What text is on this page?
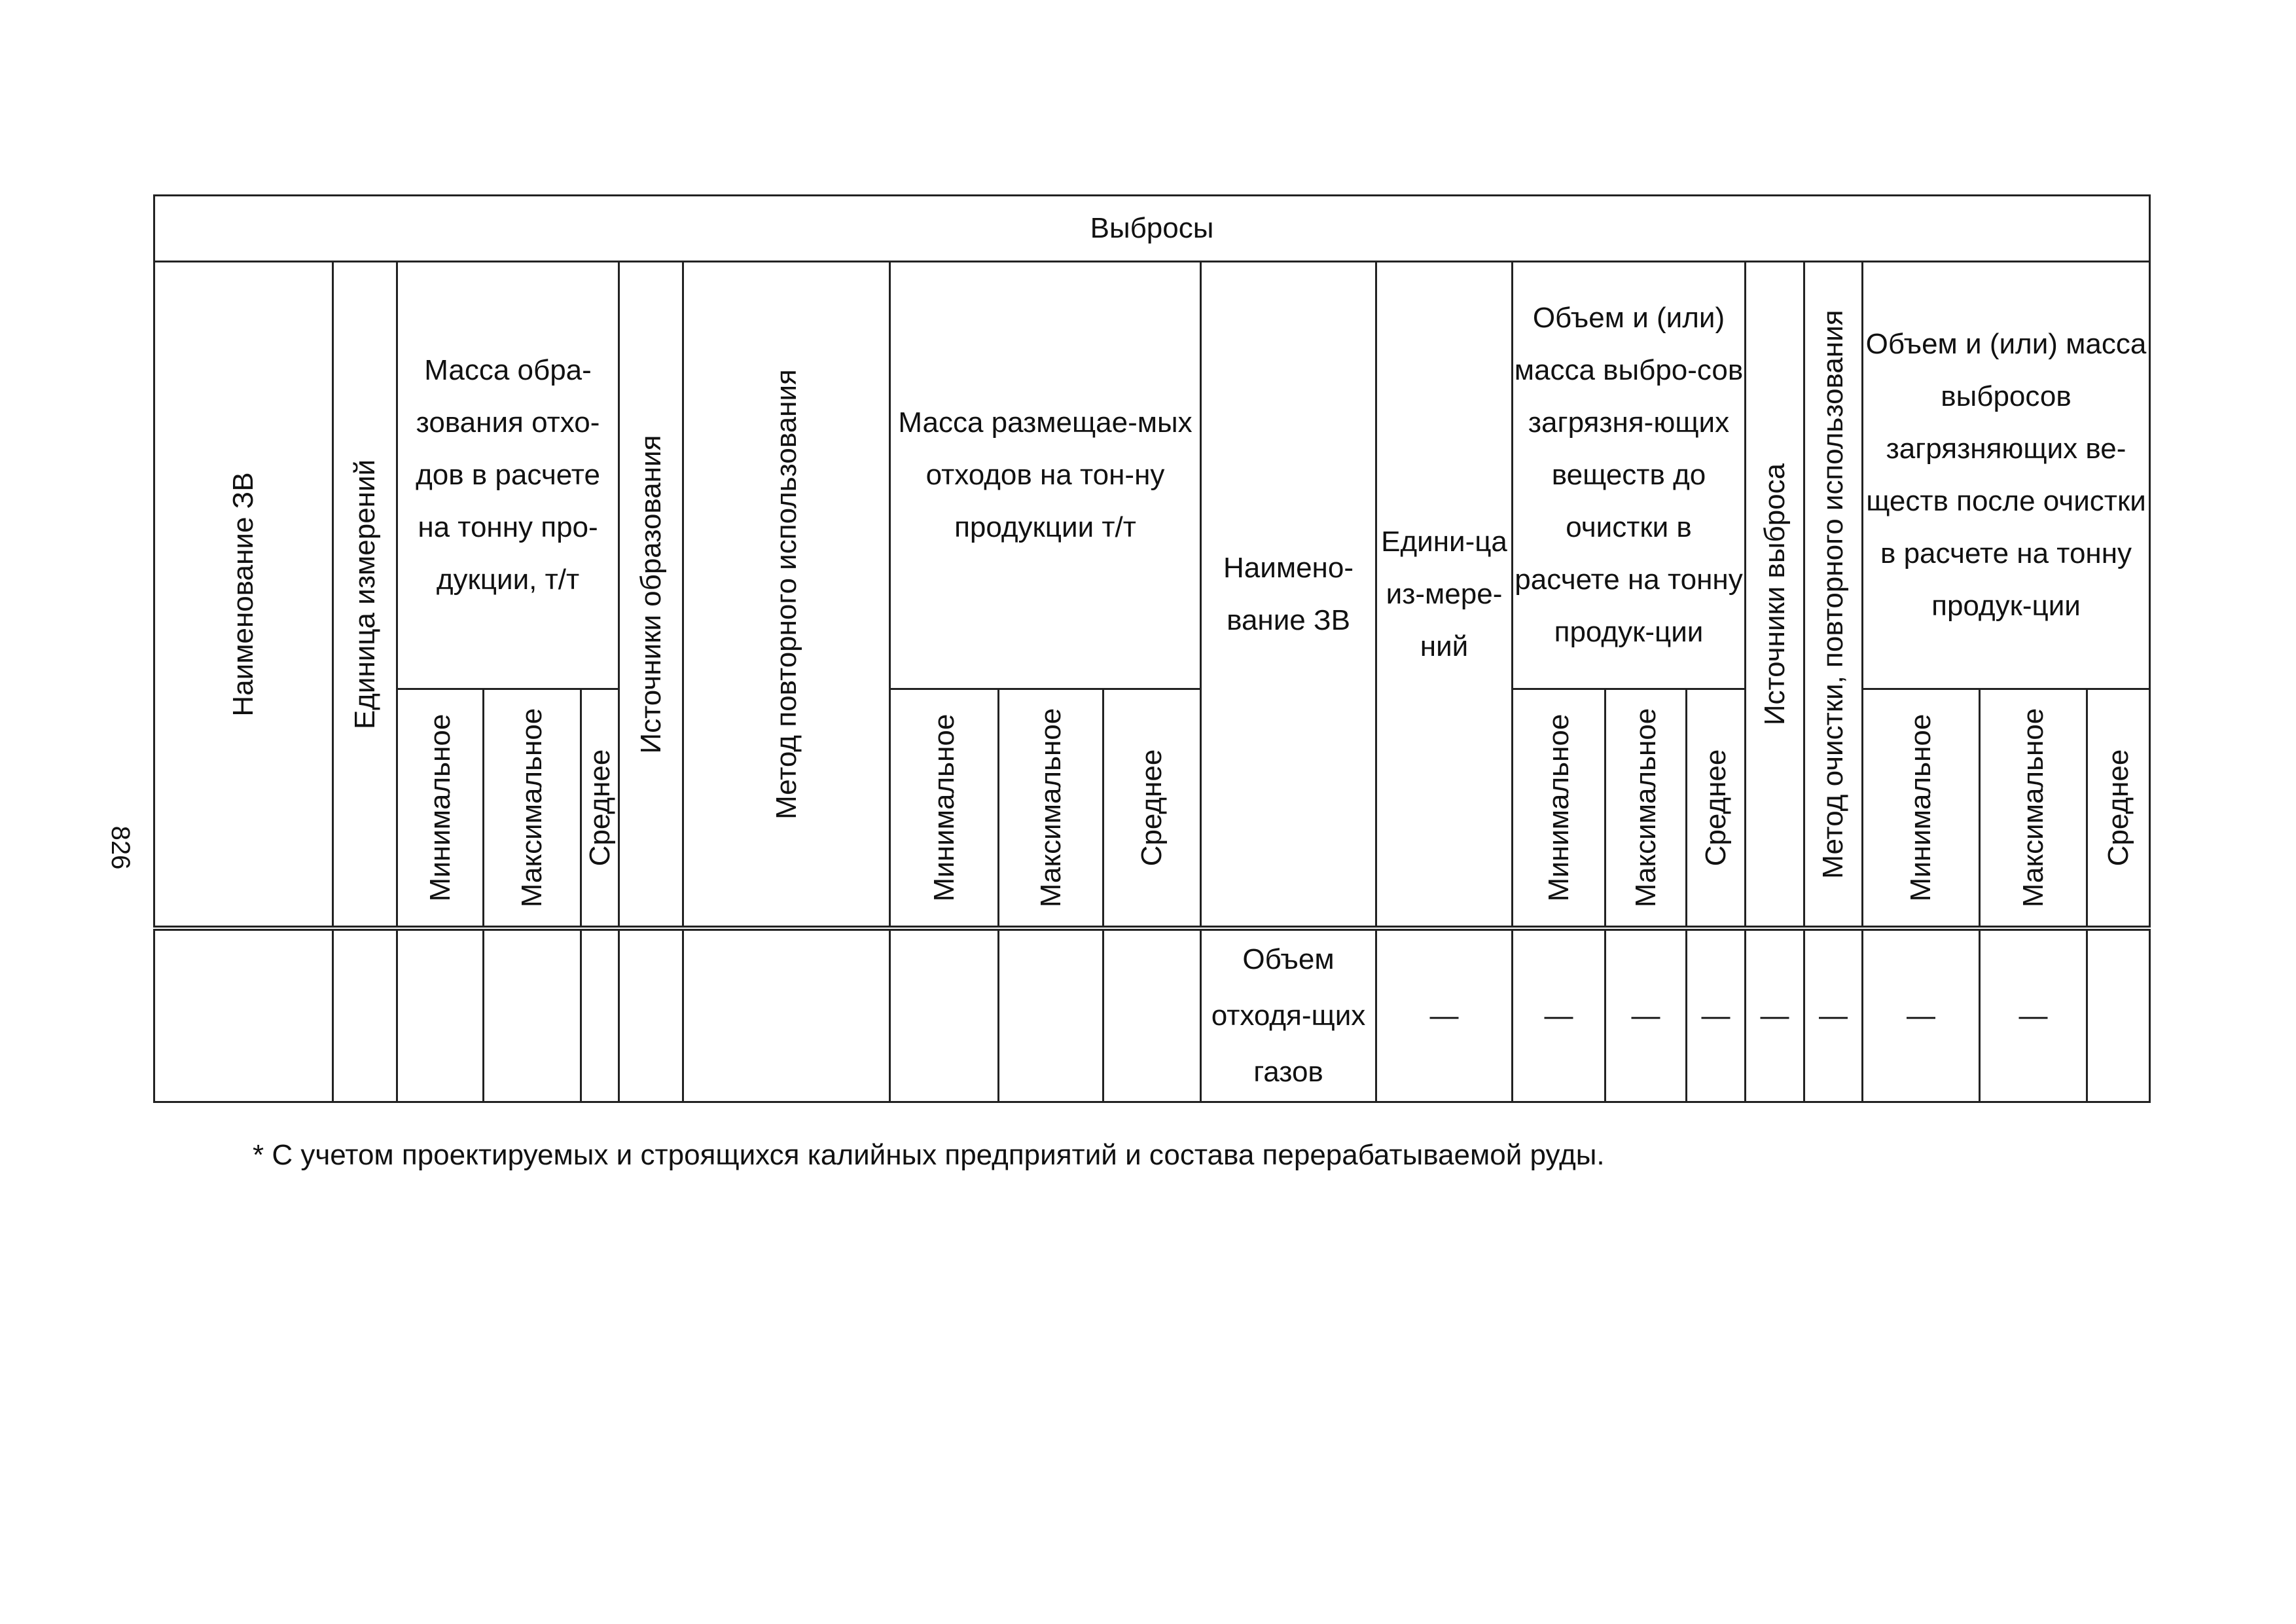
826
Выбросы																			

Наименование ЗВ	Единица измерений	Масса обра-зования отхо-дов в расчете на тонну про-дукции, т/т			Источники образования	Метод повторного использования	Масса размещае-мых отходов на тон-ну продукции т/т			Наимено-вание ЗВ	Едини-ца из-мере-ний	Объем и (или) масса выбро-сов загрязня-ющих веществ до очистки в расчете на тонну продук-ции			Источники выброса	Метод очистки, повторного использования	Объем и (или) масса выбросов загрязняющих ве-ществ после очистки в расчете на тонну продук-ции		

		Минимальное	Максимальное	Среднее			Минимальное	Максимальное	Среднее			Минимальное	Максимальное	Среднее			Минимальное	Максимальное	Среднее

										Объем отходя-щих газов	—	—	—	—	—	—	—	—	
* С учетом проектируемых и строящихся калийных предприятий и состава перерабатываемой руды.
